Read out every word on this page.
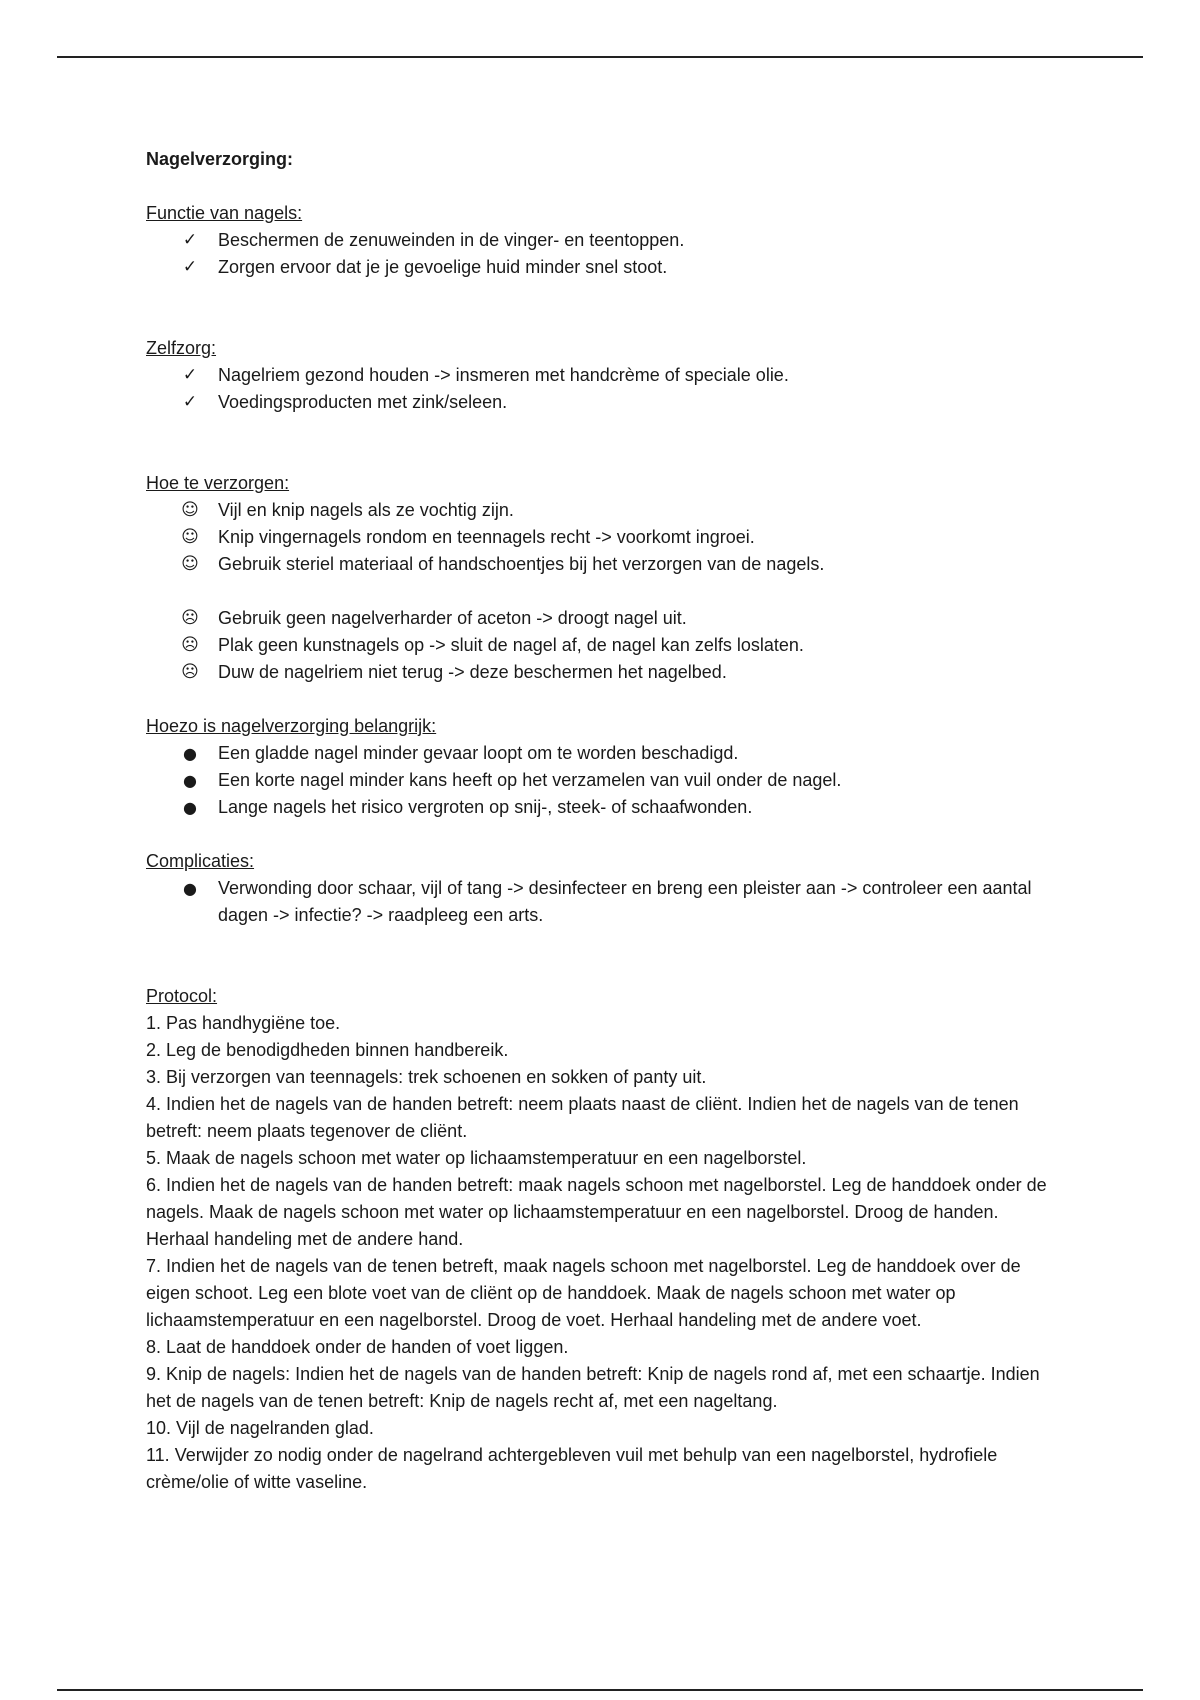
Nagelverzorging:

Functie van nagels:

✓ Beschermen de zenuweinden in de vinger- en teentoppen.
✓ Zorgen ervoor dat je je gevoelige huid minder snel stoot.

Zelfzorg:

✓ Nagelriem gezond houden -> insmeren met handcrème of speciale olie.
✓ Voedingsproducten met zink/seleen.

Hoe te verzorgen:

☺ Vijl en knip nagels als ze vochtig zijn.
☺ Knip vingernagels rondom en teennagels recht -> voorkomt ingroei.
☺ Gebruik steriel materiaal of handschoentjes bij het verzorgen van de nagels.
☹ Gebruik geen nagelverharder of aceton -> droogt nagel uit.
☹ Plak geen kunstnagels op -> sluit de nagel af, de nagel kan zelfs loslaten.
☹ Duw de nagelriem niet terug -> deze beschermen het nagelbed.

Hoezo is nagelverzorging belangrijk:

● Een gladde nagel minder gevaar loopt om te worden beschadigd.
● Een korte nagel minder kans heeft op het verzamelen van vuil onder de nagel.
● Lange nagels het risico vergroten op snij-, steek- of schaafwonden.

Complicaties:

● Verwonding door schaar, vijl of tang -> desinfecteer en breng een pleister aan -> controleer een aantal dagen -> infectie? -> raadpleeg een arts.

Protocol:

1. Pas handhygiëne toe.
2. Leg de benodigdheden binnen handbereik.
3. Bij verzorgen van teennagels: trek schoenen en sokken of panty uit.
4. Indien het de nagels van de handen betreft: neem plaats naast de cliënt. Indien het de nagels van de tenen betreft: neem plaats tegenover de cliënt.
5. Maak de nagels schoon met water op lichaamstemperatuur en een nagelborstel.
6. Indien het de nagels van de handen betreft: maak nagels schoon met nagelborstel. Leg de handdoek onder de nagels. Maak de nagels schoon met water op lichaamstemperatuur en een nagelborstel. Droog de handen. Herhaal handeling met de andere hand.
7. Indien het de nagels van de tenen betreft, maak nagels schoon met nagelborstel. Leg de handdoek over de eigen schoot. Leg een blote voet van de cliënt op de handdoek. Maak de nagels schoon met water op lichaamstemperatuur en een nagelborstel. Droog de voet. Herhaal handeling met de andere voet.
8. Laat de handdoek onder de handen of voet liggen.
9. Knip de nagels: Indien het de nagels van de handen betreft: Knip de nagels rond af, met een schaartje. Indien het de nagels van de tenen betreft: Knip de nagels recht af, met een nageltang.
10. Vijl de nagelranden glad.
11. Verwijder zo nodig onder de nagelrand achtergebleven vuil met behulp van een nagelborstel, hydrofiele crème/olie of witte vaseline.
